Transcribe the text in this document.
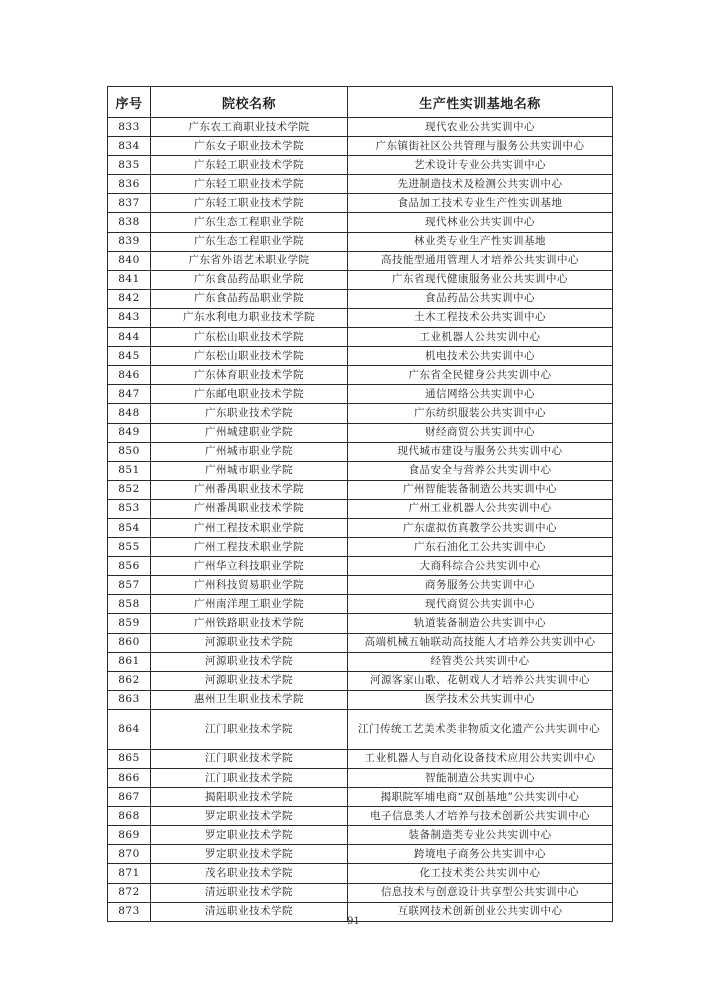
序号	院校名称	生产性实训基地名称
833	广东农工商职业技术学院	现代农业公共实训中心
834	广东女子职业技术学院	广东镇街社区公共管理与服务公共实训中心
835	广东轻工职业技术学院	艺术设计专业公共实训中心
836	广东轻工职业技术学院	先进制造技术及检测公共实训中心
837	广东轻工职业技术学院	食品加工技术专业生产性实训基地
838	广东生态工程职业学院	现代林业公共实训中心
839	广东生态工程职业学院	林业类专业生产性实训基地
840	广东省外语艺术职业学院	高技能型通用管理人才培养公共实训中心
841	广东食品药品职业学院	广东省现代健康服务业公共实训中心
842	广东食品药品职业学院	食品药品公共实训中心
843	广东水利电力职业技术学院	土木工程技术公共实训中心
844	广东松山职业技术学院	工业机器人公共实训中心
845	广东松山职业技术学院	机电技术公共实训中心
846	广东体育职业技术学院	广东省全民健身公共实训中心
847	广东邮电职业技术学院	通信网络公共实训中心
848	广东职业技术学院	广东纺织服装公共实训中心
849	广州城建职业学院	财经商贸公共实训中心
850	广州城市职业学院	现代城市建设与服务公共实训中心
851	广州城市职业学院	食品安全与营养公共实训中心
852	广州番禺职业技术学院	广州智能装备制造公共实训中心
853	广州番禺职业技术学院	广州工业机器人公共实训中心
854	广州工程技术职业学院	广东虚拟仿真教学公共实训中心
855	广州工程技术职业学院	广东石油化工公共实训中心
856	广州华立科技职业学院	大商科综合公共实训中心
857	广州科技贸易职业学院	商务服务公共实训中心
858	广州南洋理工职业学院	现代商贸公共实训中心
859	广州铁路职业技术学院	轨道装备制造公共实训中心
860	河源职业技术学院	高端机械五轴联动高技能人才培养公共实训中心
861	河源职业技术学院	经管类公共实训中心
862	河源职业技术学院	河源客家山歌、花朝戏人才培养公共实训中心
863	惠州卫生职业技术学院	医学技术公共实训中心
864	江门职业技术学院	江门传统工艺美术类非物质文化遗产公共实训中心
865	江门职业技术学院	工业机器人与自动化设备技术应用公共实训中心
866	江门职业技术学院	智能制造公共实训中心
867	揭阳职业技术学院	揭职院军埔电商“双创基地”公共实训中心
868	罗定职业技术学院	电子信息类人才培养与技术创新公共实训中心
869	罗定职业技术学院	装备制造类专业公共实训中心
870	罗定职业技术学院	跨境电子商务公共实训中心
871	茂名职业技术学院	化工技术类公共实训中心
872	清远职业技术学院	信息技术与创意设计共享型公共实训中心
873	清远职业技术学院	互联网技术创新创业公共实训中心
91
